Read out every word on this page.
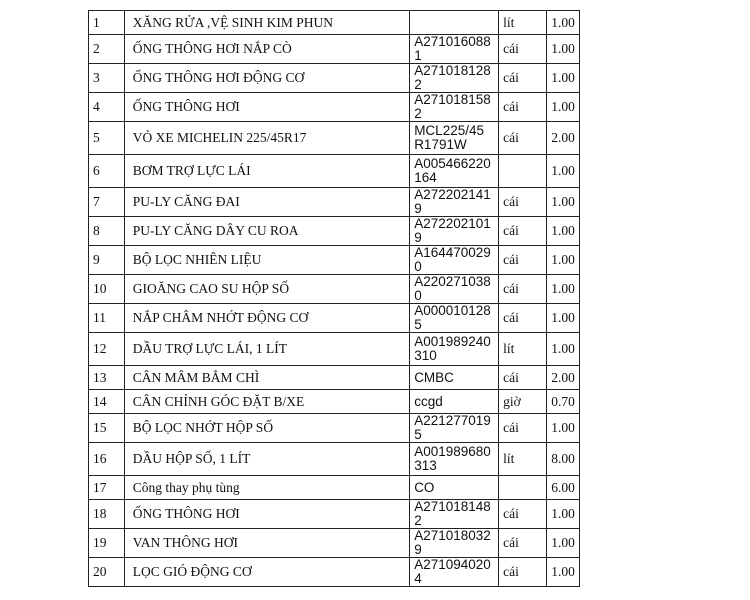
1	XĂNG RỬA ,VỆ SINH KIM PHUN		lít	1.00
2	ỐNG THÔNG HƠI NẮP CÒ	A2710160881	cái	1.00
3	ỐNG THÔNG HƠI ĐỘNG CƠ	A2710181282	cái	1.00
4	ỐNG THÔNG HƠI	A2710181582	cái	1.00
5	VỎ XE MICHELIN 225/45R17	MCL225/45R1791W	cái	2.00
6	BƠM TRỢ LỰC LÁI	A005466220164		1.00
7	PU-LY CĂNG ĐAI	A2722021419	cái	1.00
8	PU-LY CĂNG DÂY CU ROA	A2722021019	cái	1.00
9	BỘ LỌC NHIÊN LIỆU	A1644700290	cái	1.00
10	GIOĂNG CAO SU HỘP SỐ	A2202710380	cái	1.00
11	NẮP CHÂM NHỚT ĐỘNG CƠ	A0000101285	cái	1.00
12	DẦU TRỢ LỰC LÁI, 1 LÍT	A001989240310	lít	1.00
13	CÂN MÂM BẮM CHÌ	CMBC	cái	2.00
14	CÂN CHỈNH GÓC ĐẶT B/XE	ccgd	giờ	0.70
15	BỘ LỌC NHỚT HỘP SỐ	A2212770195	cái	1.00
16	DẦU HỘP SỐ, 1 LÍT	A001989680313	lít	8.00
17	Công thay phụ tùng	CO		6.00
18	ỐNG THÔNG HƠI	A2710181482	cái	1.00
19	VAN THÔNG HƠI	A2710180329	cái	1.00
20	LỌC GIÓ ĐỘNG CƠ	A2710940204	cái	1.00
